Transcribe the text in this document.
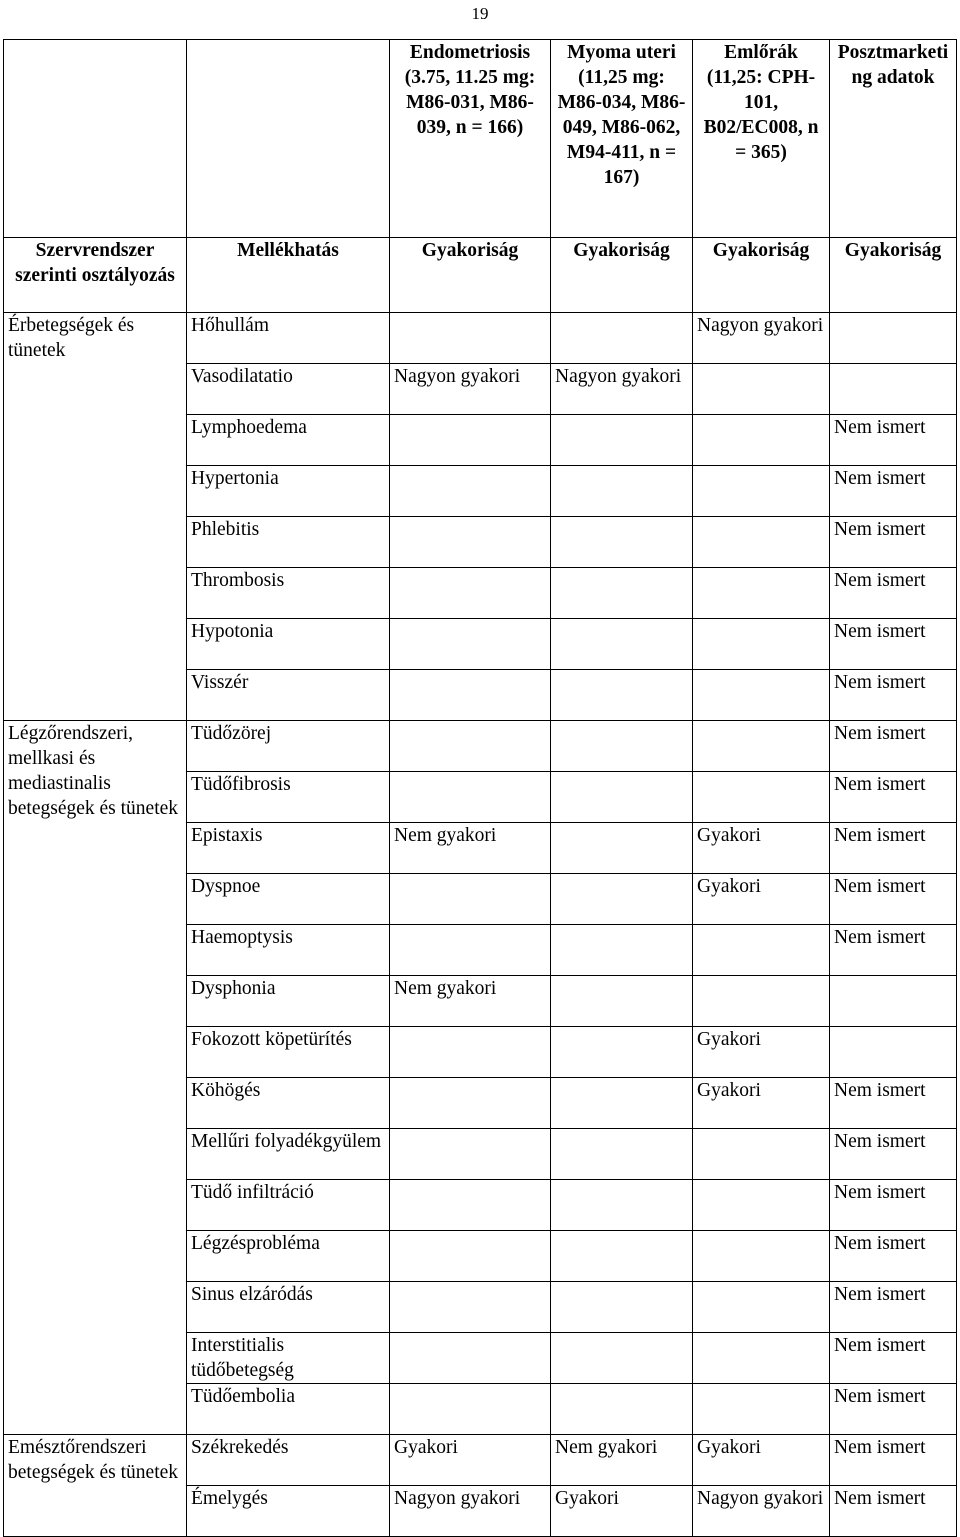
19
		Endometriosis (3.75, 11.25 mg: M86-031, M86-039, n = 166)	Myoma uteri (11,25 mg: M86-034, M86-049, M86-062, M94-411, n = 167)	Emlőrák (11,25: CPH-101, B02/EC008, n = 365)	Posztmarketing adatok
Szervrendszer szerinti osztályozás	Mellékhatás	Gyakoriság	Gyakoriság	Gyakoriság	Gyakoriság
Érbetegségek és tünetek	Hőhullám			Nagyon gyakori	
	Vasodilatatio	Nagyon gyakori	Nagyon gyakori		
	Lymphoedema				Nem ismert
	Hypertonia				Nem ismert
	Phlebitis				Nem ismert
	Thrombosis				Nem ismert
	Hypotonia				Nem ismert
	Visszér				Nem ismert
Légzőrendszeri, mellkasi és mediastinalis betegségek és tünetek	Tüdőzörej				Nem ismert
	Tüdőfibrosis				Nem ismert
	Epistaxis	Nem gyakori		Gyakori	Nem ismert
	Dyspnoe			Gyakori	Nem ismert
	Haemoptysis				Nem ismert
	Dysphonia	Nem gyakori			
	Fokozott köpetürítés			Gyakori	
	Köhögés			Gyakori	Nem ismert
	Mellűri folyadékgyülem				Nem ismert
	Tüdő infiltráció				Nem ismert
	Légzésprobléma				Nem ismert
	Sinus elzáródás				Nem ismert
	Interstitialis tüdőbetegség				Nem ismert
	Tüdőembolia				Nem ismert
Emésztőrendszeri betegségek és tünetek	Székrekedés	Gyakori	Nem gyakori	Gyakori	Nem ismert
	Émelygés	Nagyon gyakori	Gyakori	Nagyon gyakori	Nem ismert
